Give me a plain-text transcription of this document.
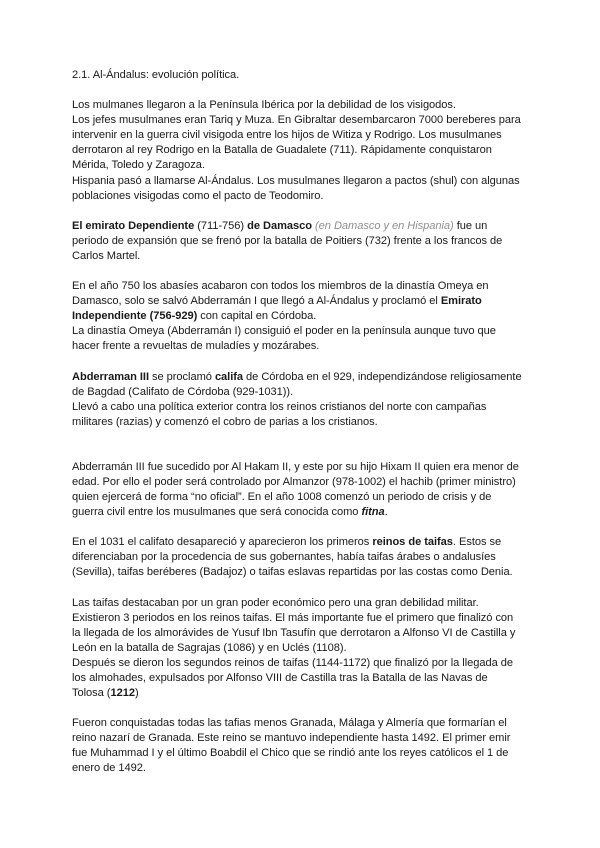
2.1. Al-Ándalus: evolución política.

Los mulmanes llegaron a la Península Ibérica por la debilidad de los visigodos.

Los jefes musulmanes eran Tariq y Muza. En Gibraltar desembarcaron 7000 bereberes para

intervenir en la guerra civil visigoda entre los hijos de Witiza y Rodrigo. Los musulmanes

derrotaron al rey Rodrigo en la Batalla de Guadalete (711). Rápidamente conquistaron

Mérida, Toledo y Zaragoza.

Hispania pasó a llamarse Al-Ándalus. Los musulmanes llegaron a pactos (shul) con algunas

poblaciones visigodas como el pacto de Teodomiro.

El emirato Dependiente (711-756) de Damasco (en Damasco y en Hispania) fue un

periodo de expansión que se frenó por la batalla de Poitiers (732) frente a los francos de

Carlos Martel.

En el año 750 los abasíes acabaron con todos los miembros de la dinastía Omeya en

Damasco, solo se salvó Abderramán I que llegó a Al-Ándalus y proclamó el Emirato

Independiente (756-929) con capital en Córdoba.

La dinastía Omeya (Abderramán I) consiguió el poder en la península aunque tuvo que

hacer frente a revueltas de muladíes y mozárabes.

Abderraman III se proclamó califa de Córdoba en el 929, independizándose religiosamente

de Bagdad (Califato de Córdoba (929-1031)).

Llevó a cabo una política exterior contra los reinos cristianos del norte con campañas

militares (razias) y comenzó el cobro de parias a los cristianos.

Abderramán III fue sucedido por Al Hakam II, y este por su hijo Hixam II quien era menor de

edad. Por ello el poder será controlado por Almanzor (978-1002) el hachib (primer ministro)

quien ejercerá de forma “no oficial”. En el año 1008 comenzó un periodo de crisis y de

guerra civil entre los musulmanes que será conocida como fitna.

En el 1031 el califato desapareció y aparecieron los primeros reinos de taifas. Estos se

diferenciaban por la procedencia de sus gobernantes, había taifas árabes o andalusíes

(Sevilla), taifas beréberes (Badajoz) o taifas eslavas repartidas por las costas como Denia.

Las taifas destacaban por un gran poder económico pero una gran debilidad militar.

Existieron 3 periodos en los reinos taifas. El más importante fue el primero que finalizó con

la llegada de los almorávides de Yusuf Ibn Tasufín que derrotaron a Alfonso VI de Castilla y

León en la batalla de Sagrajas (1086) y en Uclés (1108).

Después se dieron los segundos reinos de taifas (1144-1172) que finalizó por la llegada de

los almohades, expulsados por Alfonso VIII de Castilla tras la Batalla de las Navas de

Tolosa (1212)

Fueron conquistadas todas las tafias menos Granada, Málaga y Almería que formarían el

reino nazarí de Granada. Este reino se mantuvo independiente hasta 1492. El primer emir

fue Muhammad I y el último Boabdil el Chico que se rindió ante los reyes católicos el 1 de

enero de 1492.
